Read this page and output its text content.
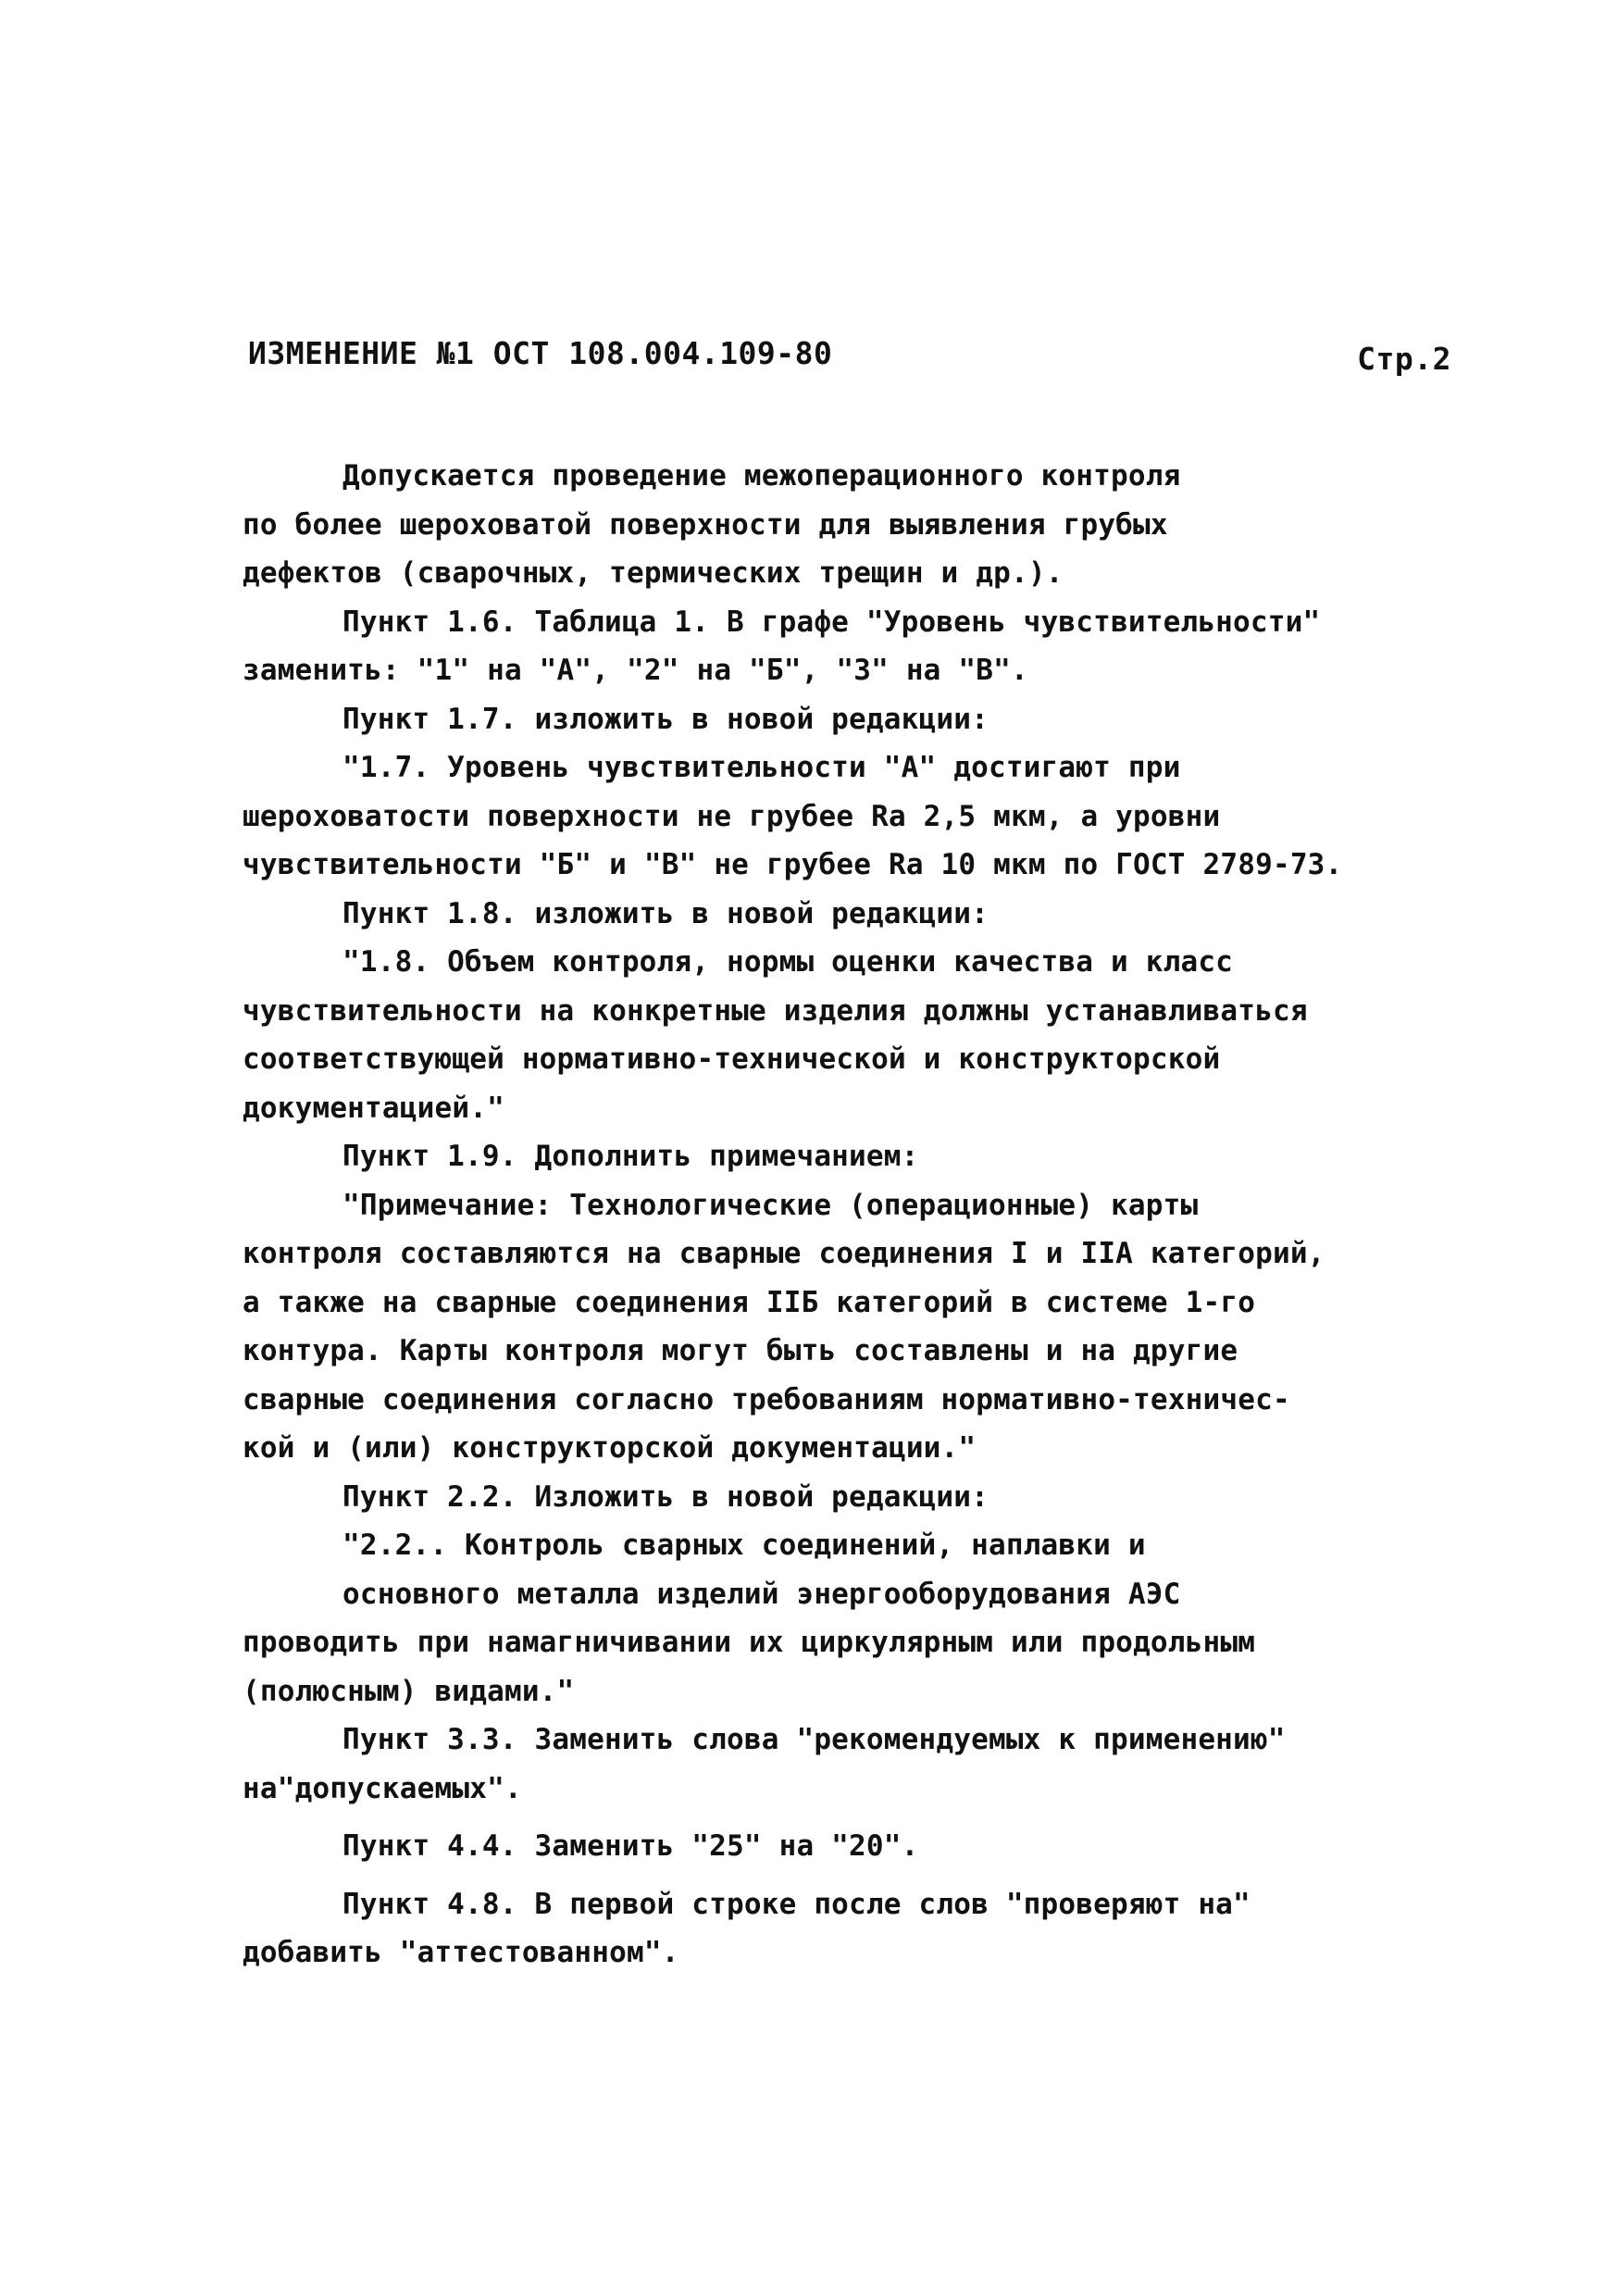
ИЗМЕНЕНИЕ №1 ОСТ 108.004.109-80	Стр.2
Допускается проведение межоперационного контроля
по более шероховатой поверхности для выявления грубых
дефектов (сварочных, термических трещин и др.).
Пункт 1.6. Таблица 1. В графе "Уровень чувствительности"
заменить: "1" на "А", "2" на "Б", "3" на "В".
Пункт 1.7. изложить в новой редакции:
"1.7. Уровень чувствительности "А" достигают при
шероховатости поверхности не грубее Ra 2,5 мкм, а уровни
чувствительности "Б" и "В" не грубее Ra 10 мкм по ГОСТ 2789-73.
Пункт 1.8. изложить в новой редакции:
"1.8. Объем контроля, нормы оценки качества и класс
чувствительности на конкретные изделия должны устанавливаться
соответствующей нормативно-технической и конструкторской
документацией."
Пункт 1.9. Дополнить примечанием:
"Примечание: Технологические (операционные) карты
контроля составляются на сварные соединения I и IIА категорий,
а также на сварные соединения IIБ категорий в системе 1-го
контура. Карты контроля могут быть составлены и на другие
сварные соединения согласно требованиям нормативно-техничес-
кой и (или) конструкторской документации."
Пункт 2.2. Изложить в новой редакции:
"2.2.. Контроль сварных соединений, наплавки и
основного металла изделий энергооборудования АЭС
проводить при намагничивании их циркулярным или продольным
(полюсным) видами."
Пункт 3.3. Заменить слова "рекомендуемых к применению"
на"допускаемых".
Пункт 4.4. Заменить "25" на "20".
Пункт 4.8. В первой строке после слов "проверяют на"
добавить "аттестованном".
